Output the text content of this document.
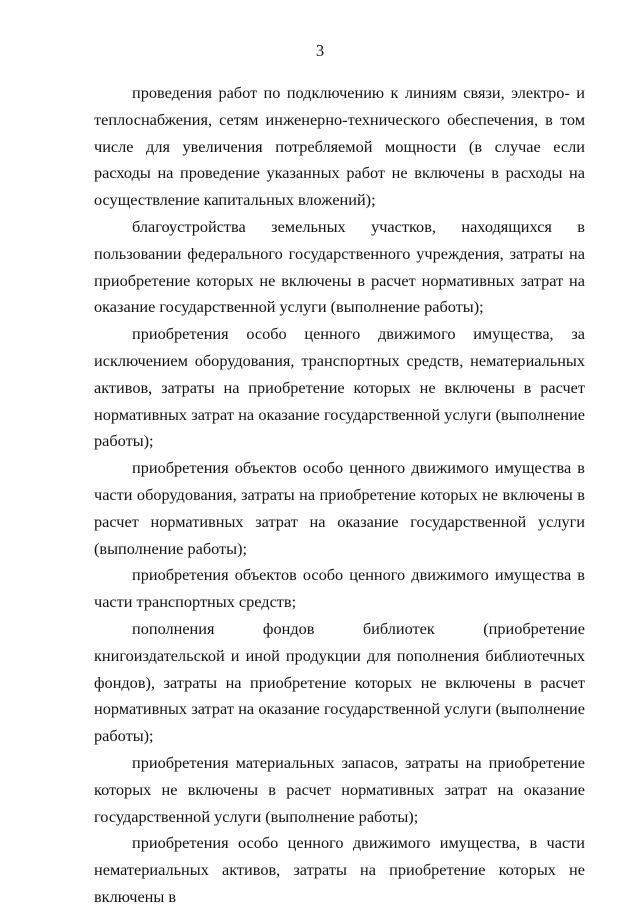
3

проведения работ по подключению к линиям связи, электро- и теплоснабжения, сетям инженерно-технического обеспечения, в том числе для увеличения потребляемой мощности (в случае если расходы на проведение указанных работ не включены в расходы на осуществление капитальных вложений);

благоустройства земельных участков, находящихся в пользовании федерального государственного учреждения, затраты на приобретение которых не включены в расчет нормативных затрат на оказание государственной услуги (выполнение работы);

приобретения особо ценного движимого имущества, за исключением оборудования, транспортных средств, нематериальных активов, затраты на приобретение которых не включены в расчет нормативных затрат на оказание государственной услуги (выполнение работы);

приобретения объектов особо ценного движимого имущества в части оборудования, затраты на приобретение которых не включены в расчет нормативных затрат на оказание государственной услуги (выполнение работы);

приобретения объектов особо ценного движимого имущества в части транспортных средств;

пополнения фондов библиотек (приобретение книгоиздательской и иной продукции для пополнения библиотечных фондов), затраты на приобретение которых не включены в расчет нормативных затрат на оказание государственной услуги (выполнение работы);

приобретения материальных запасов, затраты на приобретение которых не включены в расчет нормативных затрат на оказание государственной услуги (выполнение работы);

приобретения особо ценного движимого имущества, в части нематериальных активов, затраты на приобретение которых не включены в
